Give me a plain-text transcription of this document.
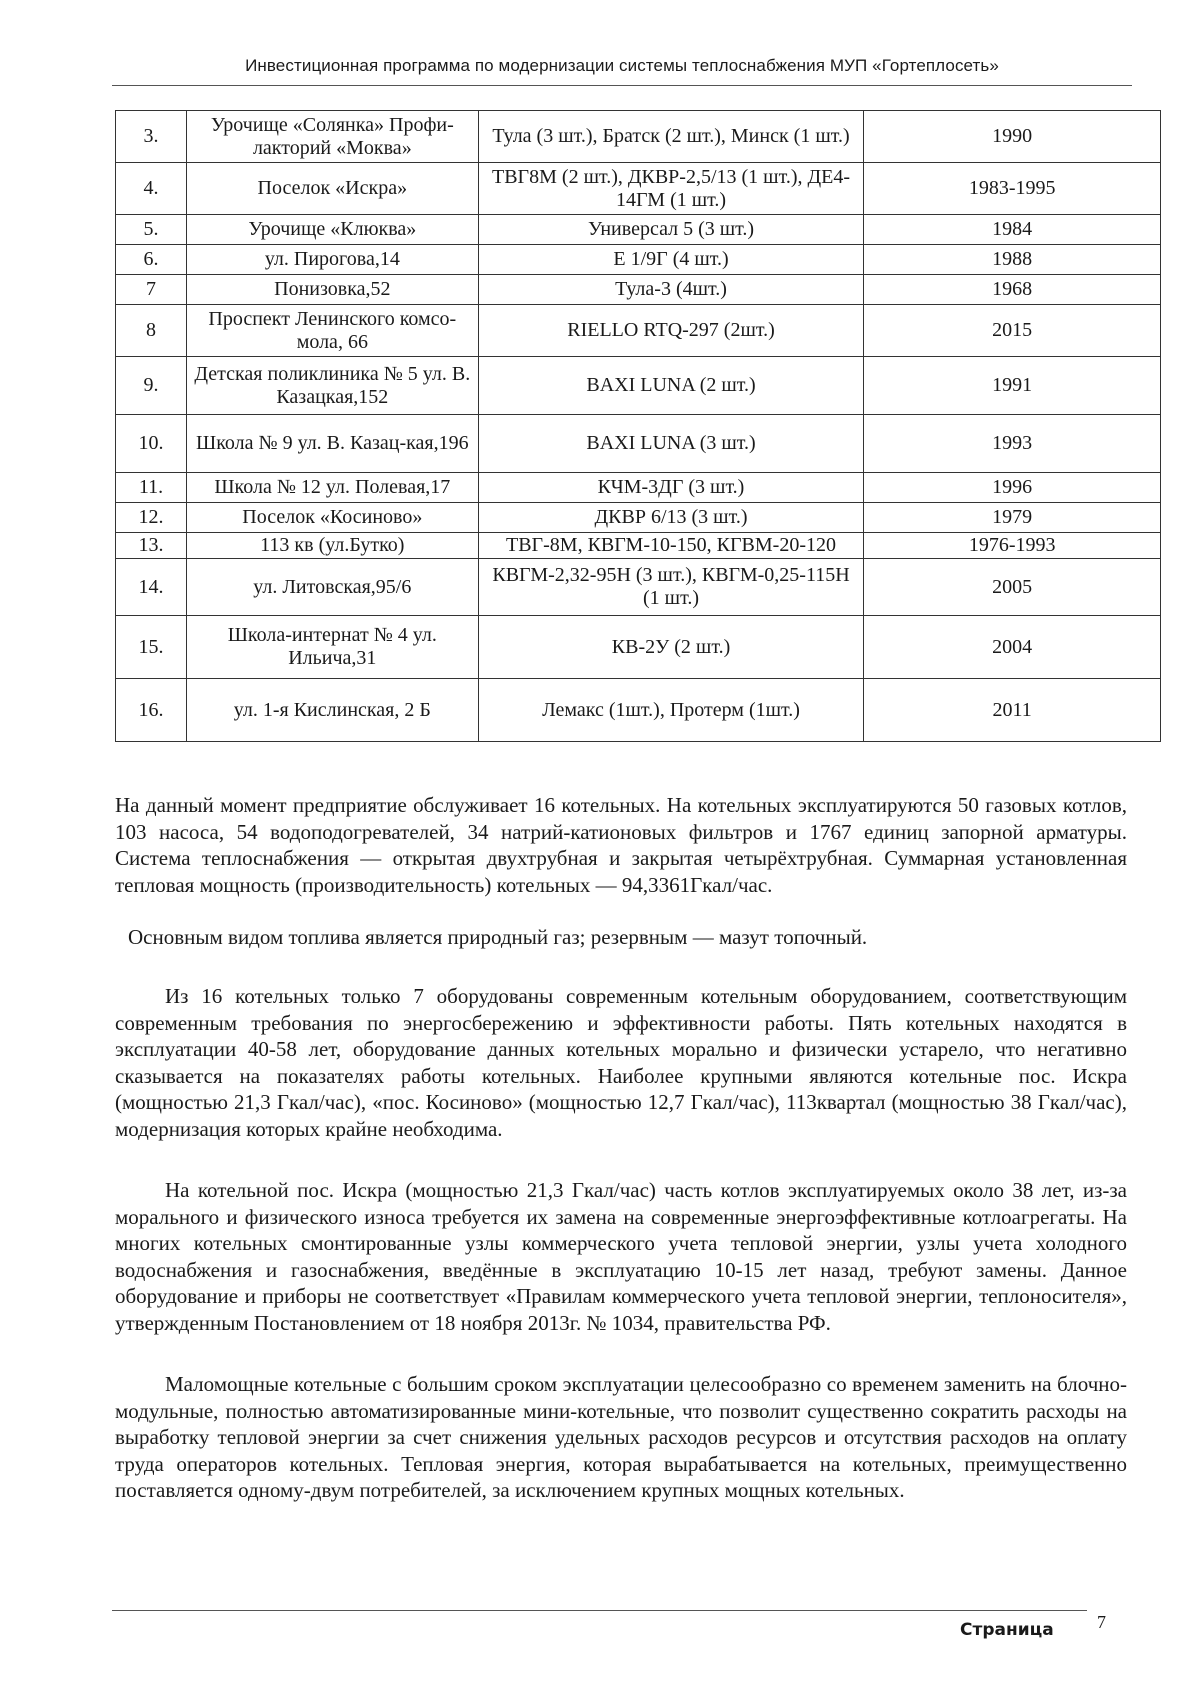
Инвестиционная программа по модернизации системы теплоснабжения МУП «Гортеплосеть»
3.	Урочище «Солянка» Профи-лакторий «Мoква»	Тула (3 шт.), Братск (2 шт.), Минск (1 шт.)	1990
4.	Поселок «Искра»	ТВГ8М (2 шт.), ДКВР-2,5/13 (1 шт.), ДЕ4-14ГМ (1 шт.)	1983-1995
5.	Урочище «Клюква»	Универсал 5 (3 шт.)	1984
6.	ул. Пирогова,14	Е 1/9Г (4 шт.)	1988
7	Понизовка,52	Тула-3 (4шт.)	1968
8	Проспект Ленинского комсо-мола, 66	RIELLO RTQ-297 (2шт.)	2015
9.	Детская поликлиника № 5 ул. В. Казацкая,152	BAXI LUNA (2 шт.)	1991
10.	Школа № 9 ул. В. Казац-кая,196	BAXI LUNA (3 шт.)	1993
11.	Школа № 12 ул. Полевая,17	КЧМ-3ДГ (3 шт.)	1996
12.	Поселок «Косиново»	ДКВР 6/13 (3 шт.)	1979
13.	113 кв (ул.Бутко)	ТВГ-8М, КВГМ-10-150, КГВМ-20-120	1976-1993
14.	ул. Литовская,95/6	КВГМ-2,32-95Н (3 шт.), КВГМ-0,25-115Н (1 шт.)	2005
15.	Школа-интернат № 4 ул. Ильича,31	КВ-2У (2 шт.)	2004
16.	ул. 1-я Кислинская, 2 Б	Лемакс (1шт.), Протерм (1шт.)	2011

На данный момент предприятие обслуживает 16 котельных. На котельных эксплуатируются 50 газовых котлов, 103 насоса, 54 водоподогревателей, 34 натрий-катионовых фильтров и 1767 единиц запорной арматуры. Система теплоснабжения — открытая двухтрубная и закрытая четырёхтрубная. Суммарная установленная тепловая мощность (производительность) котельных — 94,3361Гкал/час.

Основным видом топлива является природный газ; резервным — мазут топочный.

Из 16 котельных только 7 оборудованы современным котельным оборудованием, соответствующим современным требования по энергосбережению и эффективности работы. Пять котельных находятся в эксплуатации 40-58 лет, оборудование данных котельных морально и физически устарело, что негативно сказывается на показателях работы котельных. Наиболее крупными являются котельные пос. Искра (мощностью 21,3 Гкал/час), «пос. Косиново» (мощностью 12,7 Гкал/час), 113квартал (мощностью 38 Гкал/час), модернизация которых крайне необходима.

На котельной пос. Искра (мощностью 21,3 Гкал/час) часть котлов эксплуатируемых около 38 лет, из-за морального и физического износа требуется их замена на современные энергоэффективные котлоагрегаты. На многих котельных смонтированные узлы коммерческого учета тепловой энергии, узлы учета холодного водоснабжения и газоснабжения, введённые в эксплуатацию 10-15 лет назад, требуют замены. Данное оборудование и приборы не соответствует «Правилам коммерческого учета тепловой энергии, теплоносителя», утвержденным Постановлением от 18 ноября 2013г. № 1034, правительства РФ.

Маломощные котельные с большим сроком эксплуатации целесообразно со временем заменить на блочно-модульные, полностью автоматизированные мини-котельные, что позволит существенно сократить расходы на выработку тепловой энергии за счет снижения удельных расходов ресурсов и отсутствия расходов на оплату труда операторов котельных. Тепловая энергия, которая вырабатывается на котельных, преимущественно поставляется одному-двум потребителей, за исключением крупных мощных котельных.

Страница 7
